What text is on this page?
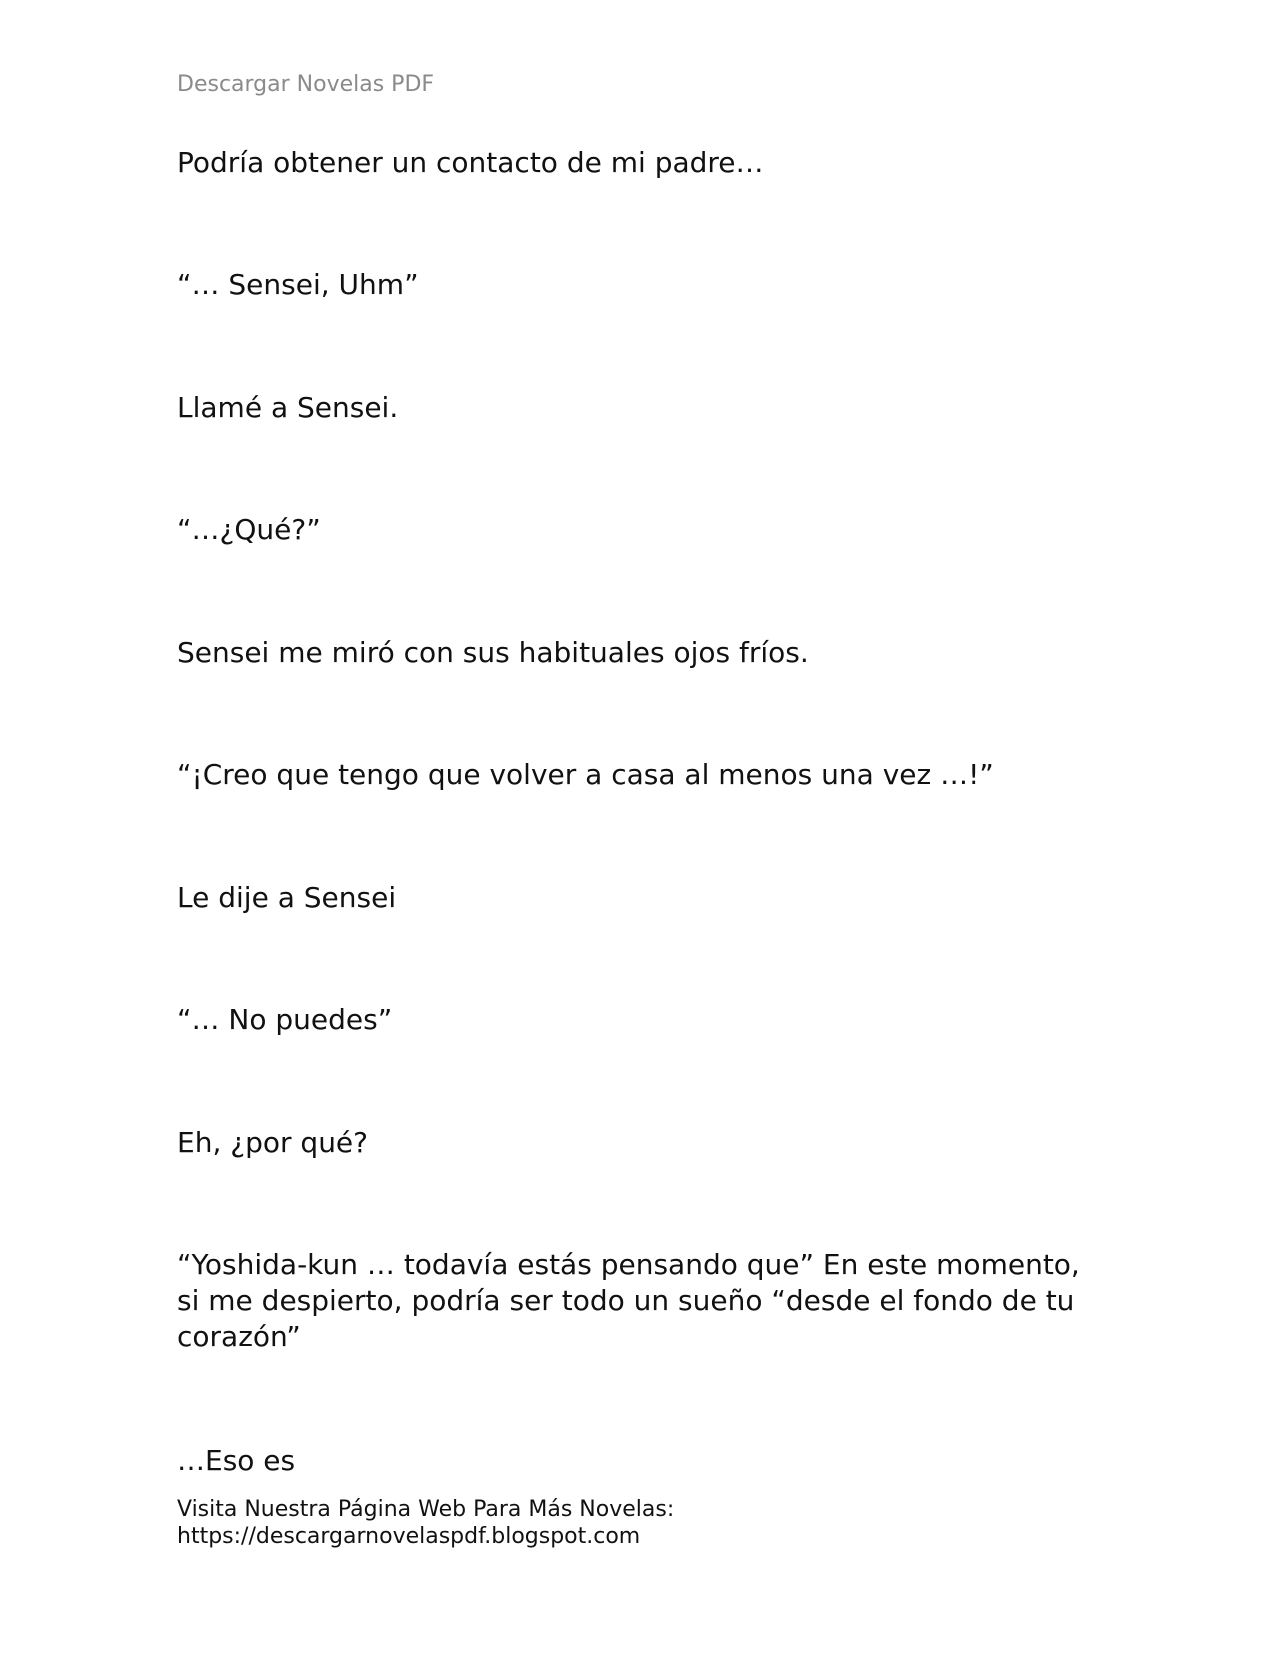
Descargar Novelas PDF

Podría obtener un contacto de mi padre…

“… Sensei, Uhm”

Llamé a Sensei.

“…¿Qué?”

Sensei me miró con sus habituales ojos fríos.

“¡Creo que tengo que volver a casa al menos una vez …!”

Le dije a Sensei

“… No puedes”

Eh, ¿por qué?

“Yoshida-kun … todavía estás pensando que” En este momento, si me despierto, podría ser todo un sueño “desde el fondo de tu corazón”

…Eso es

Visita Nuestra Página Web Para Más Novelas:
https://descargarnovelaspdf.blogspot.com
